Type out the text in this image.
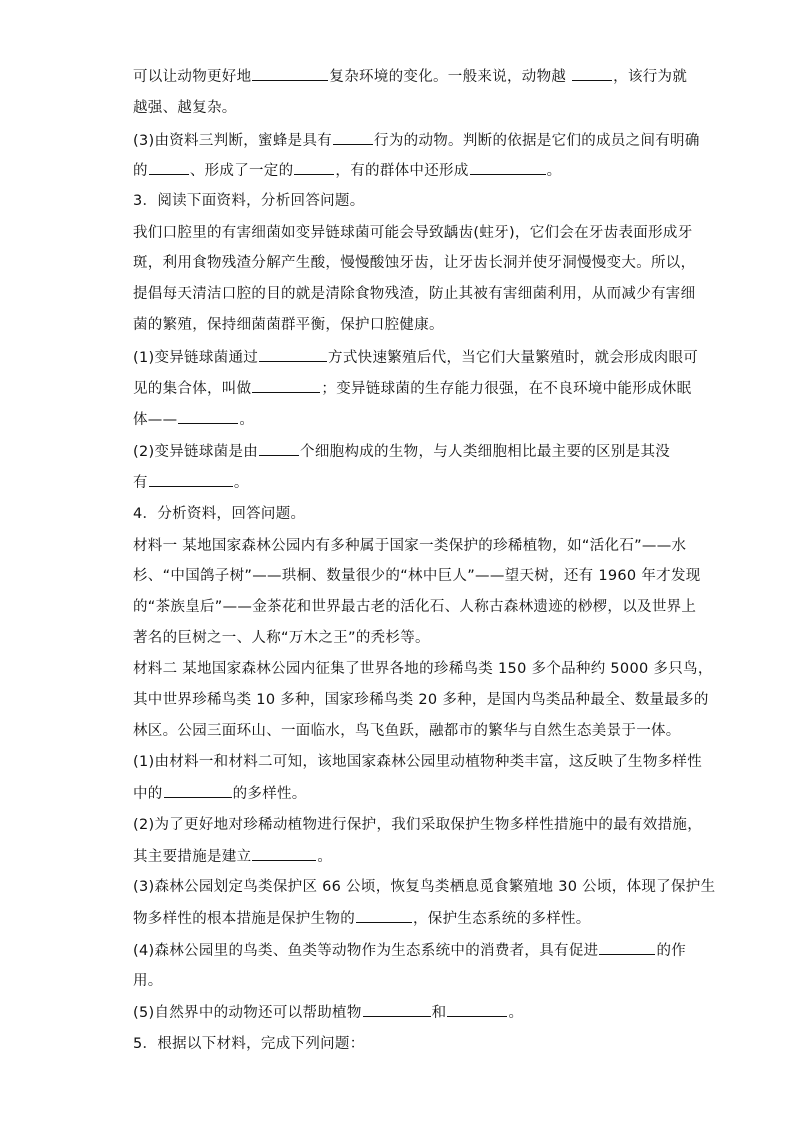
可以让动物更好地	复杂环境的变化。一般来说，动物越	，该行为就
越强、越复杂。
(3)由资料三判断，蜜蜂是具有	行为的动物。判断的依据是它们的成员之间有明确
的	、形成了一定的	，有的群体中还形成	。
3．阅读下面资料，分析回答问题。
我们口腔里的有害细菌如变异链球菌可能会导致龋齿(蛀牙)，它们会在牙齿表面形成牙
斑，利用食物残渣分解产生酸，慢慢酸蚀牙齿，让牙齿长洞并使牙洞慢慢变大。所以，
提倡每天清洁口腔的目的就是清除食物残渣，防止其被有害细菌利用，从而减少有害细
菌的繁殖，保持细菌菌群平衡，保护口腔健康。
(1)变异链球菌通过	方式快速繁殖后代，当它们大量繁殖时，就会形成肉眼可
见的集合体，叫做	；变异链球菌的生存能力很强，在不良环境中能形成休眠
体——	。
(2)变异链球菌是由	个细胞构成的生物，与人类细胞相比最主要的区别是其没
有	。
4．分析资料，回答问题。
材料一 某地国家森林公园内有多种属于国家一类保护的珍稀植物，如“活化石”——水
杉、“中国鸽子树”——珙桐、数量很少的“林中巨人”——望天树，还有 1960 年才发现
的“茶族皇后”——金茶花和世界最古老的活化石、人称古森林遗迹的桫椤，以及世界上
著名的巨树之一、人称“万木之王”的秃杉等。
材料二 某地国家森林公园内征集了世界各地的珍稀鸟类 150 多个品种约 5000 多只鸟，
其中世界珍稀鸟类 10 多种，国家珍稀鸟类 20 多种，是国内鸟类品种最全、数量最多的
林区。公园三面环山、一面临水，鸟飞鱼跃，融都市的繁华与自然生态美景于一体。
(1)由材料一和材料二可知，该地国家森林公园里动植物种类丰富，这反映了生物多样性
中的	的多样性。
(2)为了更好地对珍稀动植物进行保护，我们采取保护生物多样性措施中的最有效措施，
其主要措施是建立	。
(3)森林公园划定鸟类保护区 66 公顷，恢复鸟类栖息觅食繁殖地 30 公顷，体现了保护生
物多样性的根本措施是保护生物的	，保护生态系统的多样性。
(4)森林公园里的鸟类、鱼类等动物作为生态系统中的消费者，具有促进	的作
用。
(5)自然界中的动物还可以帮助植物	和	。
5．根据以下材料，完成下列问题：
